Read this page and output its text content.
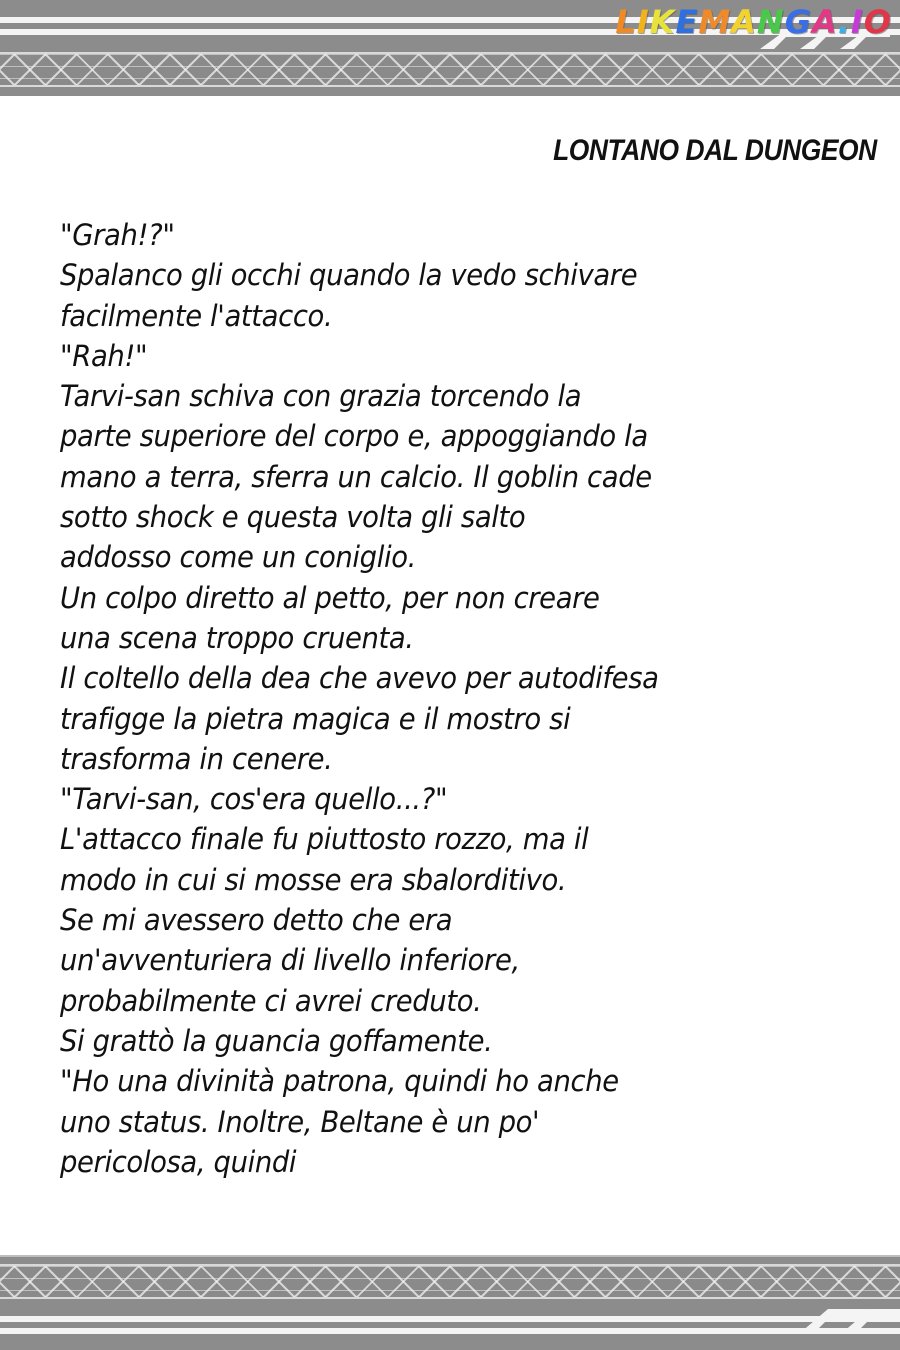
LIKEMANGA.IO
LONTANO DAL DUNGEON
"Grah!?"
Spalanco gli occhi quando la vedo schivare
facilmente l'attacco.
"Rah!"
Tarvi-san schiva con grazia torcendo la
parte superiore del corpo e, appoggiando la
mano a terra, sferra un calcio. Il goblin cade
sotto shock e questa volta gli salto
addosso come un coniglio.
Un colpo diretto al petto, per non creare
una scena troppo cruenta.
Il coltello della dea che avevo per autodifesa
trafigge la pietra magica e il mostro si
trasforma in cenere.
"Tarvi-san, cos'era quello...?"
L'attacco finale fu piuttosto rozzo, ma il
modo in cui si mosse era sbalorditivo.
Se mi avessero detto che era
un'avventuriera di livello inferiore,
probabilmente ci avrei creduto.
Si grattò la guancia goffamente.
"Ho una divinità patrona, quindi ho anche
uno status. Inoltre, Beltane è un po'
pericolosa, quindi
